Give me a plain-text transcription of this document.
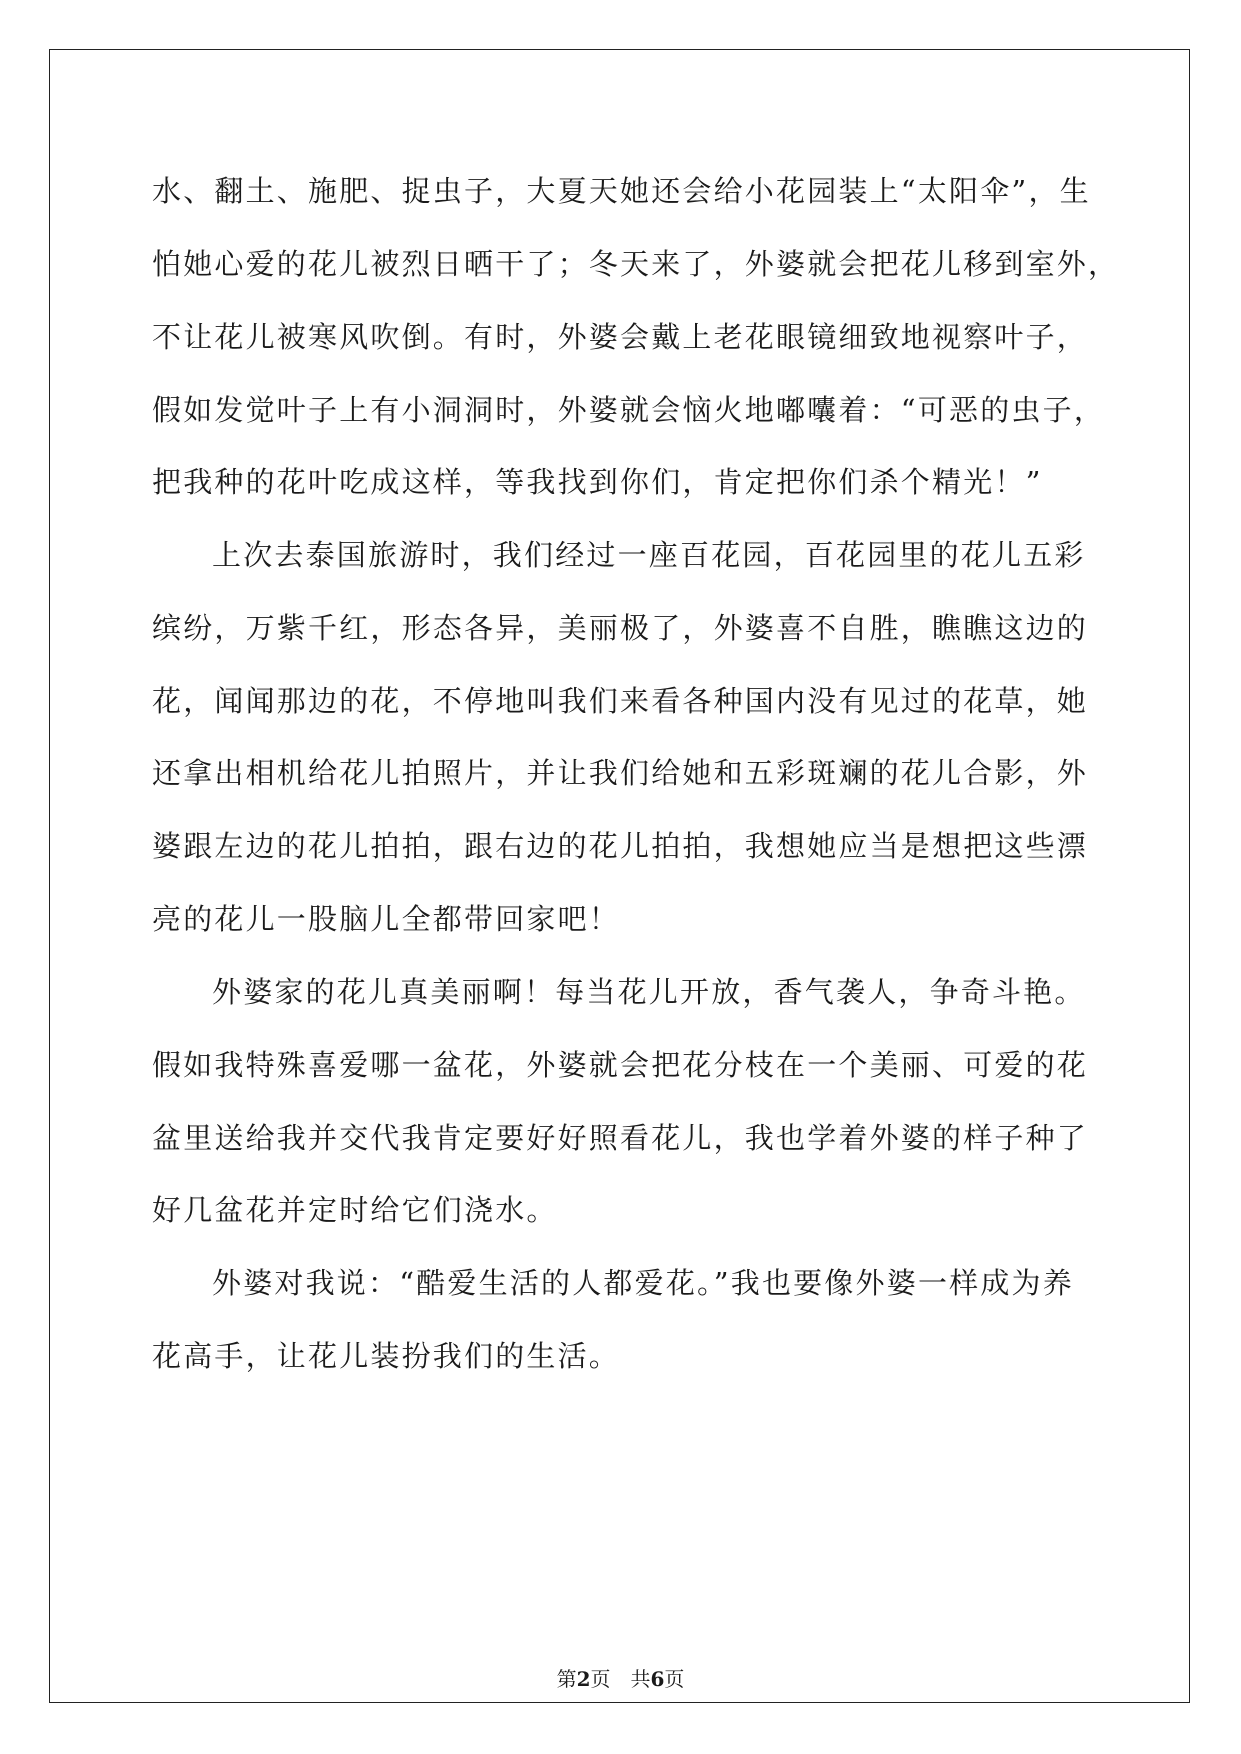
水、翻土、施肥、捉虫子，大夏天她还会给小花园装上“太阳伞”，生
怕她心爱的花儿被烈日晒干了；冬天来了，外婆就会把花儿移到室外，
不让花儿被寒风吹倒。有时，外婆会戴上老花眼镜细致地视察叶子，
假如发觉叶子上有小洞洞时，外婆就会恼火地嘟囔着：“可恶的虫子，
把我种的花叶吃成这样，等我找到你们，肯定把你们杀个精光！”
上次去泰国旅游时，我们经过一座百花园，百花园里的花儿五彩
缤纷，万紫千红，形态各异，美丽极了，外婆喜不自胜，瞧瞧这边的
花，闻闻那边的花，不停地叫我们来看各种国内没有见过的花草，她
还拿出相机给花儿拍照片，并让我们给她和五彩斑斓的花儿合影，外
婆跟左边的花儿拍拍，跟右边的花儿拍拍，我想她应当是想把这些漂
亮的花儿一股脑儿全都带回家吧！
外婆家的花儿真美丽啊！每当花儿开放，香气袭人，争奇斗艳。
假如我特殊喜爱哪一盆花，外婆就会把花分枝在一个美丽、可爱的花
盆里送给我并交代我肯定要好好照看花儿，我也学着外婆的样子种了
好几盆花并定时给它们浇水。
外婆对我说：“酷爱生活的人都爱花。”我也要像外婆一样成为养
花高手，让花儿装扮我们的生活。
第2页　共6页
